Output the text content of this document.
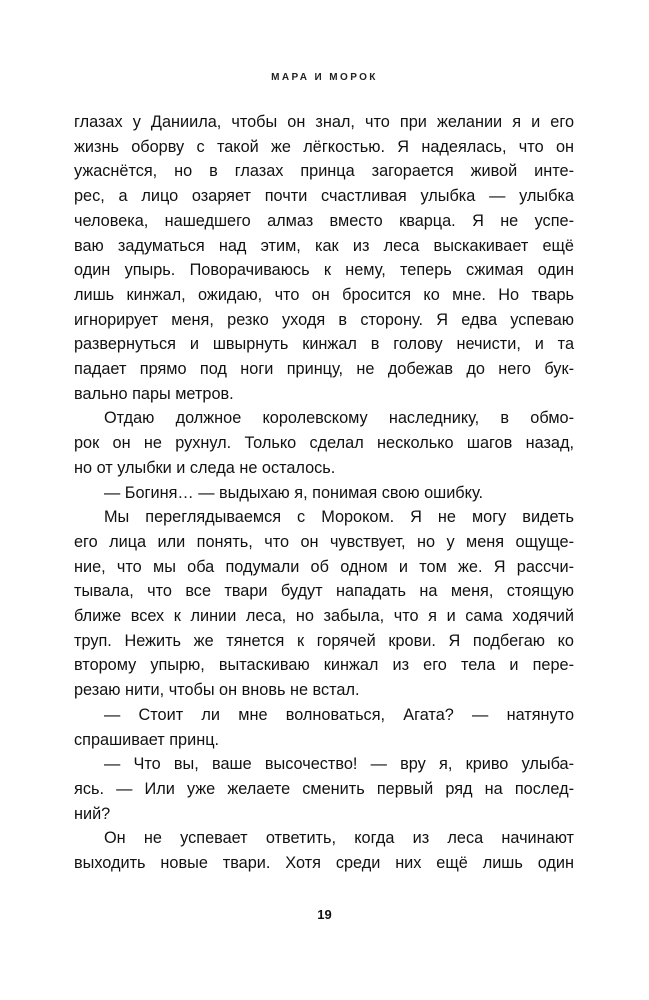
МАРА И МОРОК
глазах у Даниила, чтобы он знал, что при желании я и его
жизнь оборву с такой же лёгкостью. Я надеялась, что он
ужаснётся, но в глазах принца загорается живой инте-
рес, а лицо озаряет почти счастливая улыбка — улыбка
человека, нашедшего алмаз вместо кварца. Я не успе-
ваю задуматься над этим, как из леса выскакивает ещё
один упырь. Поворачиваюсь к нему, теперь сжимая один
лишь кинжал, ожидаю, что он бросится ко мне. Но тварь
игнорирует меня, резко уходя в сторону. Я едва успеваю
развернуться и швырнуть кинжал в голову нечисти, и та
падает прямо под ноги принцу, не добежав до него бук-
вально пары метров.
Отдаю должное королевскому наследнику, в обмо-
рок он не рухнул. Только сделал несколько шагов назад,
но от улыбки и следа не осталось.
— Богиня… — выдыхаю я, понимая свою ошибку.
Мы переглядываемся с Мороком. Я не могу видеть
его лица или понять, что он чувствует, но у меня ощуще-
ние, что мы оба подумали об одном и том же. Я рассчи-
тывала, что все твари будут нападать на меня, стоящую
ближе всех к линии леса, но забыла, что я и сама ходячий
труп. Нежить же тянется к горячей крови. Я подбегаю ко
второму упырю, вытаскиваю кинжал из его тела и пере-
резаю нити, чтобы он вновь не встал.
— Стоит ли мне волноваться, Агата? — натянуто
спрашивает принц.
— Что вы, ваше высочество! — вру я, криво улыба-
ясь. — Или уже желаете сменить первый ряд на послед-
ний?
Он не успевает ответить, когда из леса начинают
выходить новые твари. Хотя среди них ещё лишь один
19
